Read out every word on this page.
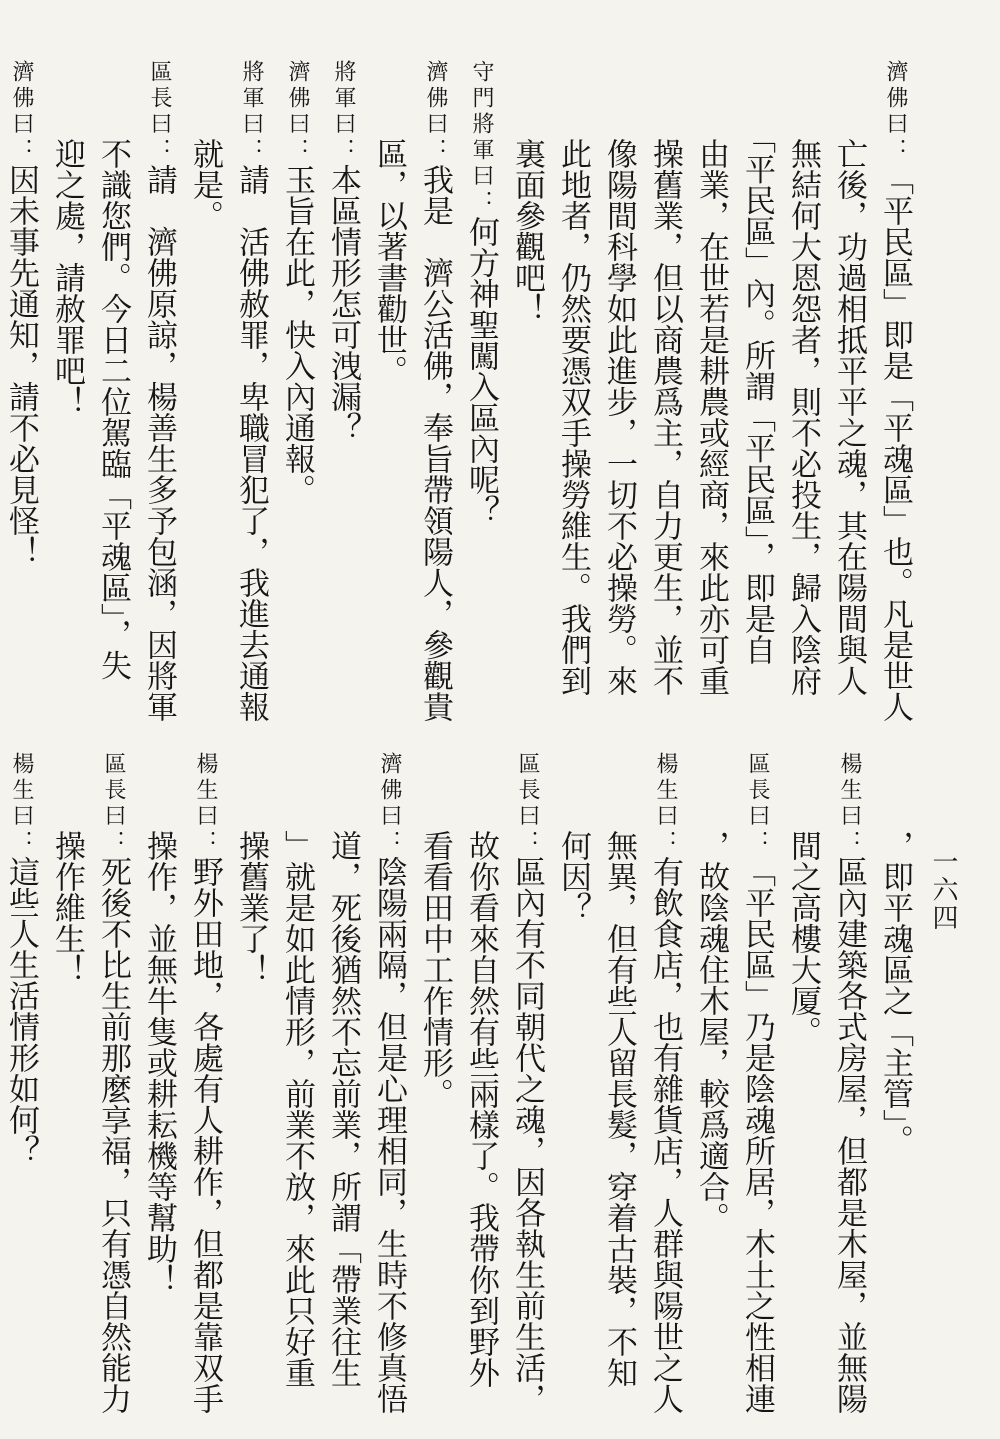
濟佛曰：「平民區」即是「平魂區」也。凡是世人
亡後，功過相抵平平之魂，其在陽間與人
無結何大恩怨者，則不必投生，歸入陰府
「平民區」內。所謂「平民區」，即是自
由業，在世若是耕農或經商，來此亦可重
操舊業，但以商農爲主，自力更生，並不
像陽間科學如此進步，一切不必操勞。來
此地者，仍然要憑双手操勞維生。我們到
裏面參觀吧！
守門將軍曰：何方神聖闖入區內呢？
濟佛曰：我是　濟公活佛，奉旨帶領陽人，參觀貴
區，以著書勸世。
將軍曰：本區情形怎可洩漏？
濟佛曰：玉旨在此，快入內通報。
將軍曰：請　活佛赦罪，卑職冒犯了，我進去通報
就是。
區長曰：請　濟佛原諒，楊善生多予包涵，因將軍
不識您們。今日二位駕臨「平魂區」，失
迎之處，請赦罪吧！
濟佛曰：因未事先通知，請不必見怪！
，即平魂區之「主管」。
楊生曰：區內建築各式房屋，但都是木屋，並無陽
間之高樓大厦。
區長曰：「平民區」乃是陰魂所居，木土之性相連
，故陰魂住木屋，較爲適合。
楊生曰：有飲食店，也有雜貨店，人群與陽世之人
無異，但有些人留長髮，穿着古裝，不知
何因？
區長曰：區內有不同朝代之魂，因各執生前生活，
故你看來自然有些兩樣了。我帶你到野外
看看田中工作情形。
濟佛曰：陰陽兩隔，但是心理相同，生時不修真悟
道，死後猶然不忘前業，所謂「帶業往生
」就是如此情形，前業不放，來此只好重
操舊業了！
楊生曰：野外田地，各處有人耕作，但都是靠双手
操作，並無牛隻或耕耘機等幫助！
區長曰：死後不比生前那麼享福，只有憑自然能力
操作維生！
楊生曰：這些人生活情形如何？	一六四
